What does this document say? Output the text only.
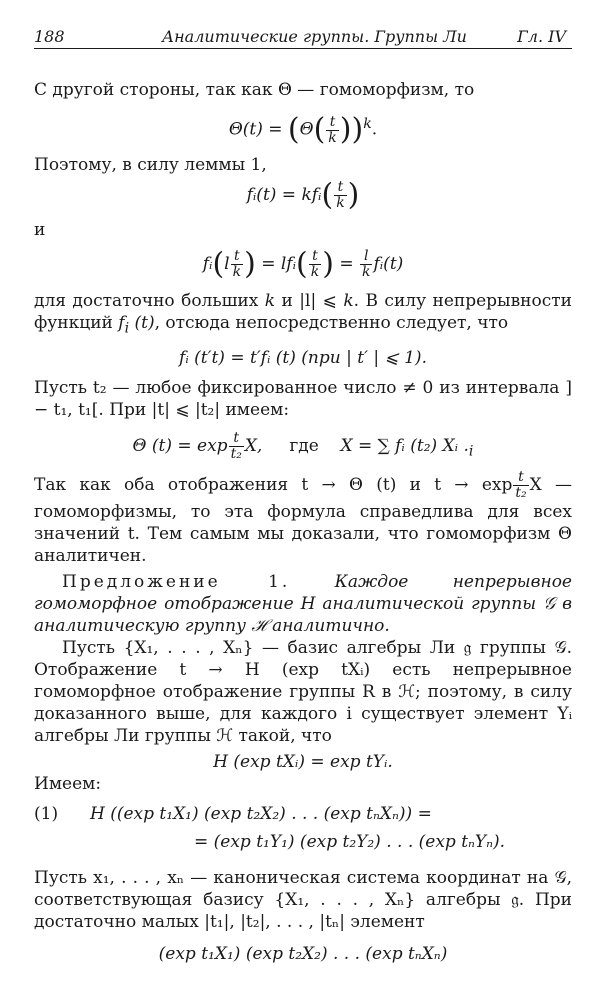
188	Аналитические группы. Группы Ли	Гл. IV

С другой стороны, так как Θ — гомоморфизм, то

$\Theta(t) = (\Theta( \frac{t}{k} ))^k$.

Поэтому, в силу леммы 1,

fᵢ(t) = kfᵢ( $\frac{t}{k}$ )

и

fᵢ(l $\frac{t}{k}$ ) = lfᵢ( $\frac{t}{k}$ ) = $\frac{l}{k}$ fᵢ(t)

для достаточно больших k и |l| ⩽ k. В силу непрерывности функций $f_i$ (t), отсюда непосредственно следует, что

fᵢ (t′t) = t′fᵢ (t) (при | t′ | ⩽ 1).

Пусть t₂ — любое фиксированное число ≠ 0 из интервала ]− t₁, t₁[. При |t| ⩽ |t₂| имеем:

Θ $(t) = \exp \frac{t}{\text{t₂}} X$, где X = ∑ fᵢ (t₂) Xᵢ $._i$

Так как оба отображения t → Θ (t) и $t \to \exp \frac{t}{\text{t₂}}$ X — гомоморфизмы, то эта формула справедлива для всех значений t. Тем самым мы доказали, что гомоморфизм Θ аналитичен.

Предложение 1.	Каждое непрерывное гомоморфное отображение H аналитической группы 𝒢 в аналитическую группу ℋ аналитично.

Пусть {X₁, . . . , Xₙ} — базис алгебры Ли 𝔤 группы 𝒢. Отображение t → H (exp tXᵢ) есть непрерывное гомоморфное отображение группы R в ℋ; поэтому, в силу доказанного выше, для каждого i существует элемент Yᵢ алгебры Ли группы ℋ такой, что

H (exp tXᵢ) = exp tYᵢ.

Имеем:

(1) H ((exp t₁X₁) (exp t₂X₂) . . . (exp tₙXₙ)) =
= (exp t₁Y₁) (exp t₂Y₂) . . . (exp tₙYₙ).

Пусть x₁, . . . , xₙ — каноническая система координат на 𝒢, соответствующая базису {X₁, . . . , Xₙ} алгебры 𝔤. При достаточно малых |t₁|, |t₂|, . . . , |tₙ| элемент

(exp t₁X₁) (exp t₂X₂) . . . (exp tₙXₙ)
